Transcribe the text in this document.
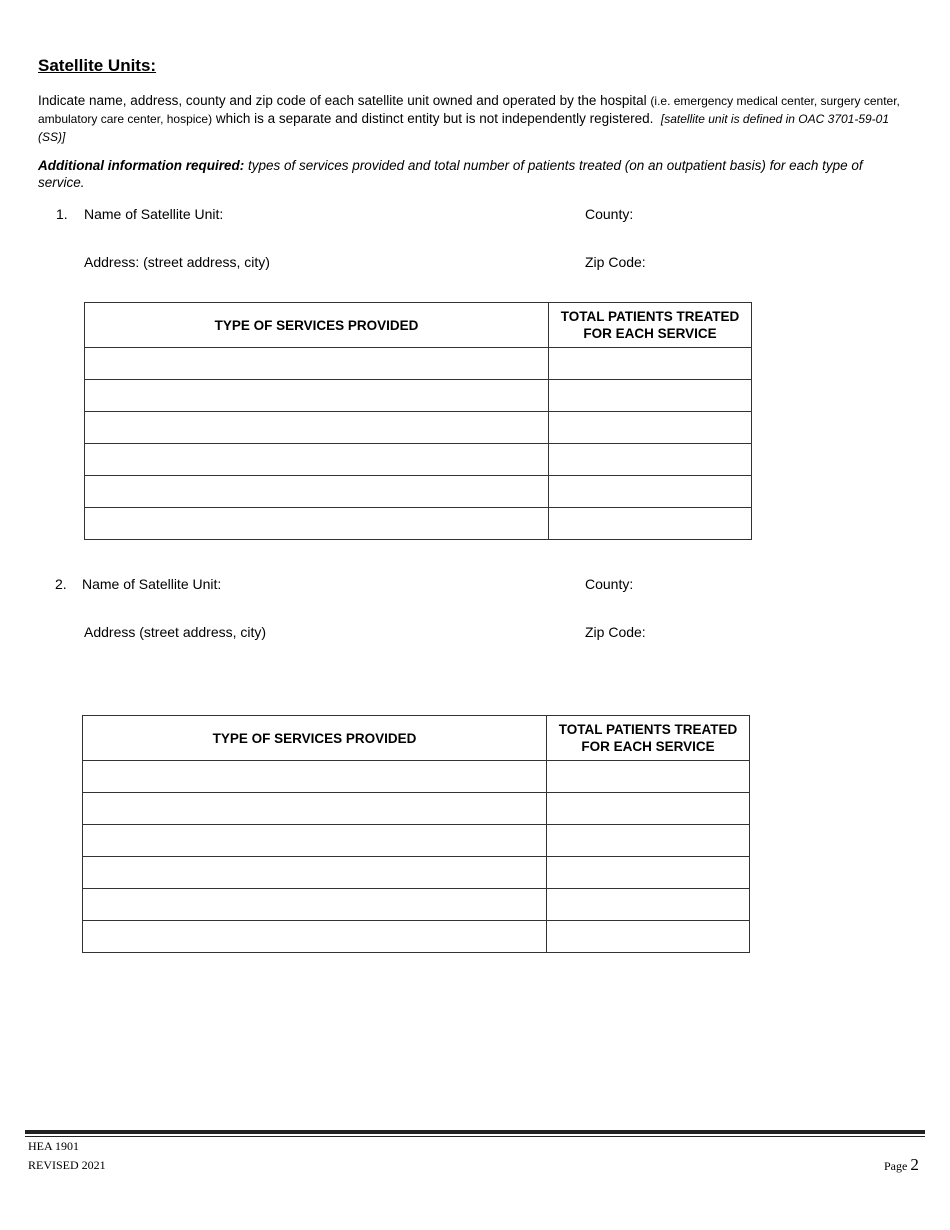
Satellite Units:
Indicate name, address, county and zip code of each satellite unit owned and operated by the hospital (i.e. emergency medical center, surgery center, ambulatory care center, hospice) which is a separate and distinct entity but is not independently registered. [satellite unit is defined in OAC 3701-59-01 (SS)]
Additional information required: types of services provided and total number of patients treated (on an outpatient basis) for each type of service.
1. Name of Satellite Unit:	County:
Address: (street address, city)	Zip Code:
TYPE OF SERVICES PROVIDED	TOTAL PATIENTS TREATED
FOR EACH SERVICE

2. Name of Satellite Unit:	County:
Address (street address, city)	Zip Code:
TYPE OF SERVICES PROVIDED	TOTAL PATIENTS TREATED
FOR EACH SERVICE

HEA 1901
REVISED 2021	Page 2
